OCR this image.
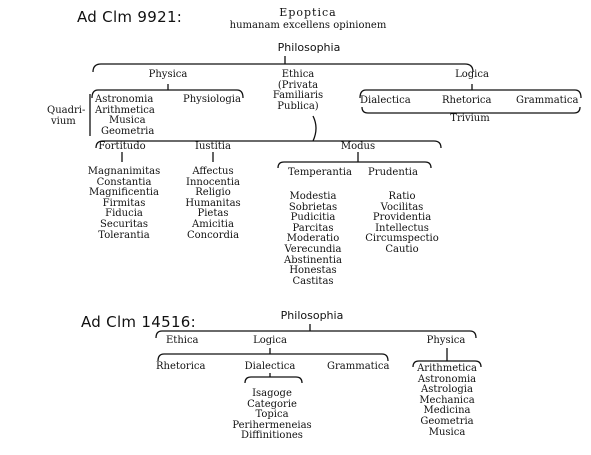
Ad Clm 9921:	Epoptica
humanam excellens opinionem
Philosophia
Physica	Ethica
(Privata
Familiaris
Publica)
Logica
Quadri-
vium
Astronomia
Arithmetica
Musica
Geometria
Physiologia	Dialectica	Rhetorica Grammatica
Trivium
Fortitudo	Iustitia	Modus
Temperantia Prudentia
Magnanimitas
Constantia
Magnificentia
Firmitas
Fiducia
Securitas
Tolerantia
Affectus
Innocentia
Religio
Humanitas
Pietas
Amicitia
Concordia
Modestia
Sobrietas
Pudicitia
Parcitas
Moderatio
Verecundia
Abstinentia
Honestas
Castitas
Ratio
Vocilitas
Providentia
Intellectus
Circumspectio
Cautio
Ad Clm 14516:	Philosophia
Ethica	Logica	Physica
Rhetorica	Dialectica	Grammatica
Isagoge
Categorie
Topica
Perihermeneias
Diffinitiones
Arithmetica
Astronomia
Astrologia
Mechanica
Medicina
Geometria
Musica
